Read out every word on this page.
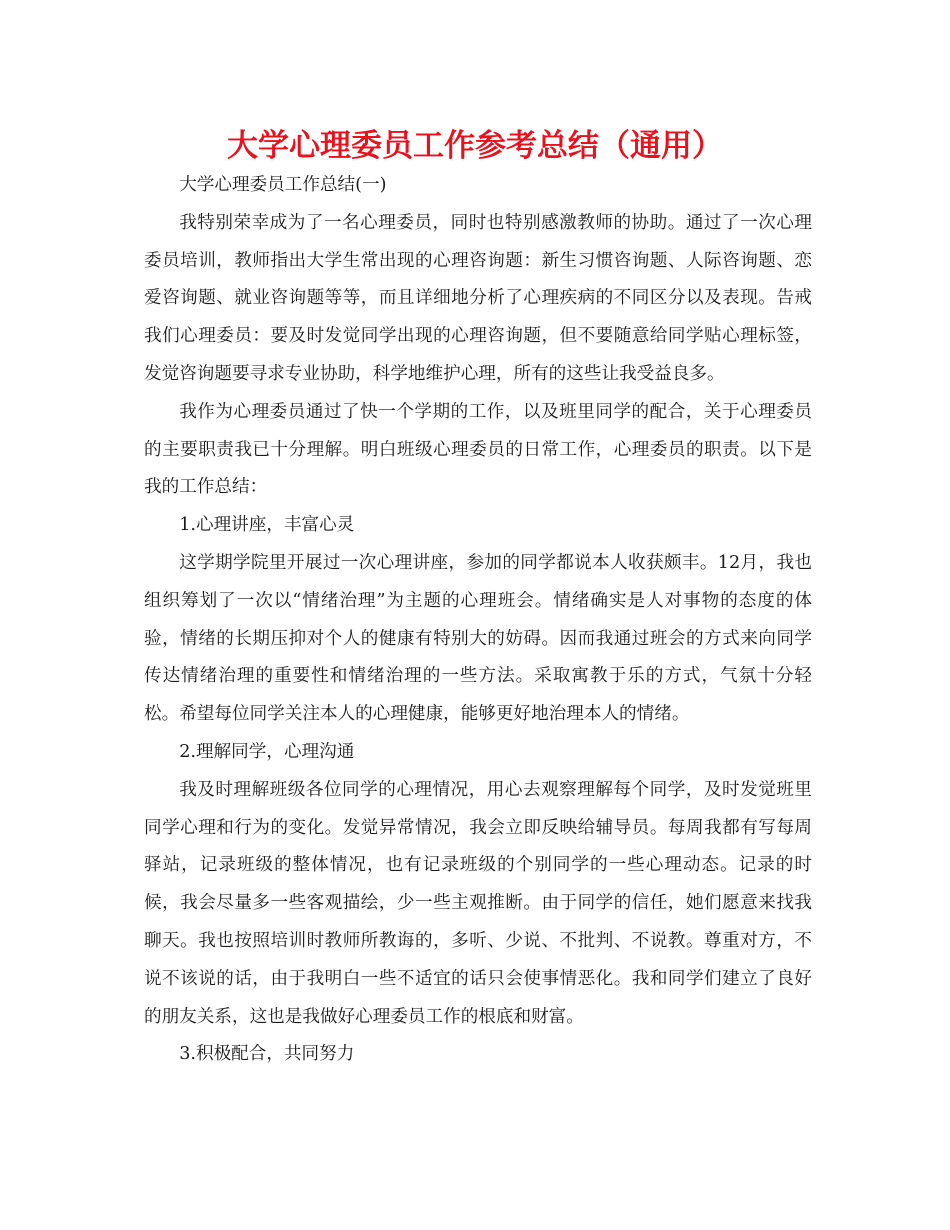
大学心理委员工作参考总结（通用）

大学心理委员工作总结(一)

我特别荣幸成为了一名心理委员，同时也特别感激教师的协助。通过了一次心理委员培训，教师指出大学生常出现的心理咨询题：新生习惯咨询题、人际咨询题、恋爱咨询题、就业咨询题等等，而且详细地分析了心理疾病的不同区分以及表现。告戒我们心理委员：要及时发觉同学出现的心理咨询题，但不要随意给同学贴心理标签，发觉咨询题要寻求专业协助，科学地维护心理，所有的这些让我受益良多。

我作为心理委员通过了快一个学期的工作，以及班里同学的配合，关于心理委员的主要职责我已十分理解。明白班级心理委员的日常工作，心理委员的职责。以下是我的工作总结：

1.心理讲座，丰富心灵

这学期学院里开展过一次心理讲座，参加的同学都说本人收获颇丰。12月，我也组织筹划了一次以“情绪治理”为主题的心理班会。情绪确实是人对事物的态度的体验，情绪的长期压抑对个人的健康有特别大的妨碍。因而我通过班会的方式来向同学传达情绪治理的重要性和情绪治理的一些方法。采取寓教于乐的方式，气氛十分轻松。希望每位同学关注本人的心理健康，能够更好地治理本人的情绪。

2.理解同学，心理沟通

我及时理解班级各位同学的心理情况，用心去观察理解每个同学，及时发觉班里同学心理和行为的变化。发觉异常情况，我会立即反映给辅导员。每周我都有写每周驿站，记录班级的整体情况，也有记录班级的个别同学的一些心理动态。记录的时候，我会尽量多一些客观描绘，少一些主观推断。由于同学的信任，她们愿意来找我聊天。我也按照培训时教师所教诲的，多听、少说、不批判、不说教。尊重对方，不说不该说的话，由于我明白一些不适宜的话只会使事情恶化。我和同学们建立了良好的朋友关系，这也是我做好心理委员工作的根底和财富。

3.积极配合，共同努力
